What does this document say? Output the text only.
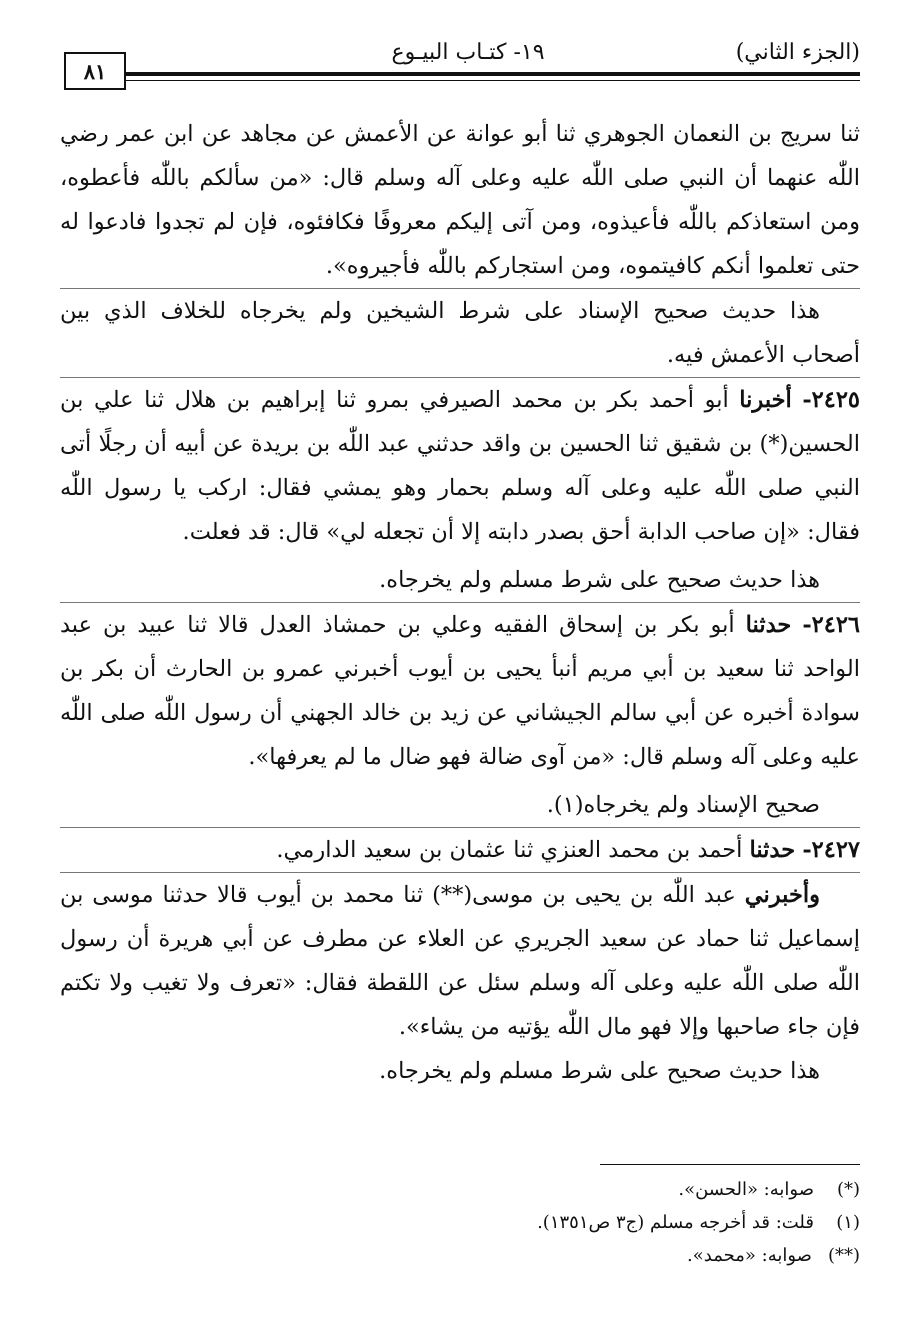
٨١
١٩- كتـاب البيـوع	(الجزء الثاني)

ثنا سريج بن النعمان الجوهري ثنا أبو عوانة عن الأعمش عن مجاهد عن ابن عمر رضي اللّٰه عنهما أن النبي صلى اللّٰه عليه وعلى آله وسلم قال: «من سألكم باللّٰه فأعطوه، ومن استعاذكم باللّٰه فأعيذوه، ومن آتى إليكم معروفًا فكافئوه، فإن لم تجدوا فادعوا له حتى تعلموا أنكم كافيتموه، ومن استجاركم باللّٰه فأجيروه».

هذا حديث صحيح الإسناد على شرط الشيخين ولم يخرجاه للخلاف الذي بين أصحاب الأعمش فيه.

٢٤٢٥- أخبرنا أبو أحمد بكر بن محمد الصيرفي بمرو ثنا إبراهيم بن هلال ثنا علي بن الحسين(*) بن شقيق ثنا الحسين بن واقد حدثني عبد اللّٰه بن بريدة عن أبيه أن رجلًا أتى النبي صلى اللّٰه عليه وعلى آله وسلم بحمار وهو يمشي فقال: اركب يا رسول اللّٰه فقال: «إن صاحب الدابة أحق بصدر دابته إلا أن تجعله لي» قال: قد فعلت.

هذا حديث صحيح على شرط مسلم ولم يخرجاه.

٢٤٢٦- حدثنا أبو بكر بن إسحاق الفقيه وعلي بن حمشاذ العدل قالا ثنا عبيد بن عبد الواحد ثنا سعيد بن أبي مريم أنبأ يحيى بن أيوب أخبرني عمرو بن الحارث أن بكر بن سوادة أخبره عن أبي سالم الجيشاني عن زيد بن خالد الجهني أن رسول اللّٰه صلى اللّٰه عليه وعلى آله وسلم قال: «من آوى ضالة فهو ضال ما لم يعرفها».

صحيح الإسناد ولم يخرجاه(١).

٢٤٢٧- حدثنا أحمد بن محمد العنزي ثنا عثمان بن سعيد الدارمي.

وأخبرني عبد اللّٰه بن يحيى بن موسى(**) ثنا محمد بن أيوب قالا حدثنا موسى بن إسماعيل ثنا حماد عن سعيد الجريري عن العلاء عن مطرف عن أبي هريرة أن رسول اللّٰه صلى اللّٰه عليه وعلى آله وسلم سئل عن اللقطة فقال: «تعرف ولا تغيب ولا تكتم فإن جاء صاحبها وإلا فهو مال اللّٰه يؤتيه من يشاء».

هذا حديث صحيح على شرط مسلم ولم يخرجاه.

(*)
صوابه: «الحسن».
(١)
قلت: قد أخرجه مسلم (ج٣ ص١٣٥١).
(**)
صوابه: «محمد».
